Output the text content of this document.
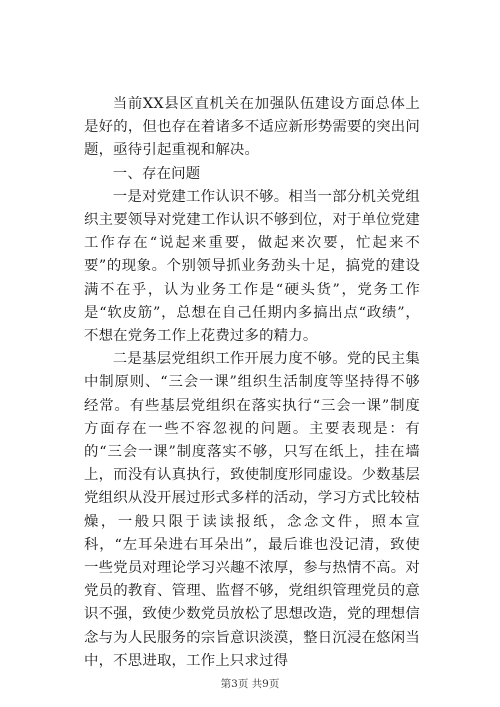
当前XX县区直机关在加强队伍建设方面总体上是好的，但也存在着诸多不适应新形势需要的突出问题，亟待引起重视和解决。

一、存在问题

一是对党建工作认识不够。相当一部分机关党组织主要领导对党建工作认识不够到位，对于单位党建工作存在“说起来重要，做起来次要，忙起来不要”的现象。个别领导抓业务劲头十足，搞党的建设满不在乎，认为业务工作是“硬头货”，党务工作是“软皮筋”，总想在自己任期内多搞出点“政绩”，不想在党务工作上花费过多的精力。

二是基层党组织工作开展力度不够。党的民主集中制原则、“三会一课”组织生活制度等坚持得不够经常。有些基层党组织在落实执行“三会一课”制度方面存在一些不容忽视的问题。主要表现是：有的“三会一课”制度落实不够，只写在纸上，挂在墙上，而没有认真执行，致使制度形同虚设。少数基层党组织从没开展过形式多样的活动，学习方式比较枯燥，一般只限于读读报纸，念念文件，照本宣科，“左耳朵进右耳朵出”，最后谁也没记清，致使一些党员对理论学习兴趣不浓厚，参与热情不高。对党员的教育、管理、监督不够，党组织管理党员的意识不强，致使少数党员放松了思想改造，党的理想信念与为人民服务的宗旨意识淡漠，整日沉浸在悠闲当中，不思进取，工作上只求过得

第3页 共9页
